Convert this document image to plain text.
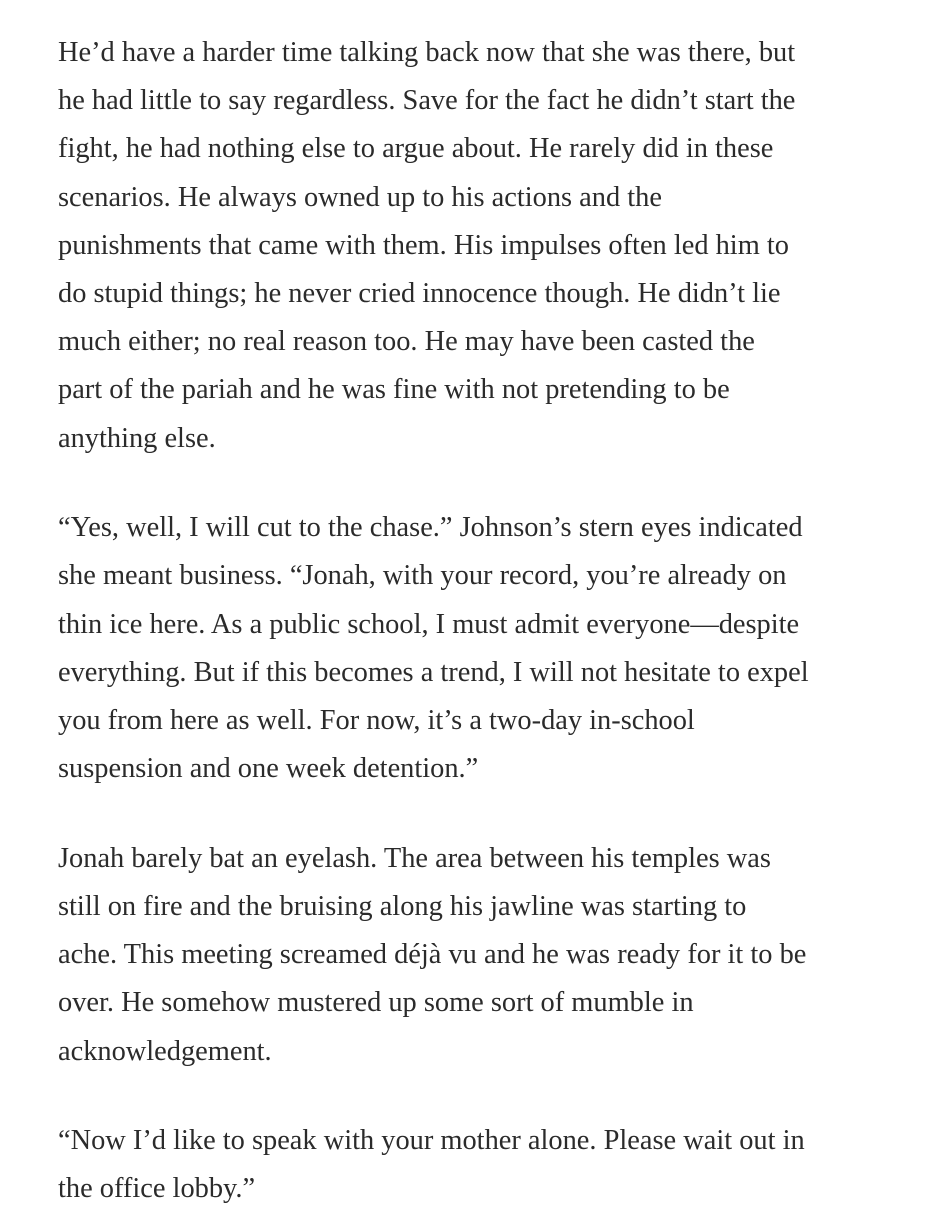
He’d have a harder time talking back now that she was there, but
he had little to say regardless. Save for the fact he didn’t start the
fight, he had nothing else to argue about. He rarely did in these
scenarios. He always owned up to his actions and the
punishments that came with them. His impulses often led him to
do stupid things; he never cried innocence though. He didn’t lie
much either; no real reason too. He may have been casted the
part of the pariah and he was fine with not pretending to be
anything else.

“Yes, well, I will cut to the chase.” Johnson’s stern eyes indicated
she meant business. “Jonah, with your record, you’re already on
thin ice here. As a public school, I must admit everyone—despite
everything. But if this becomes a trend, I will not hesitate to expel
you from here as well. For now, it’s a two-day in-school
suspension and one week detention.”

Jonah barely bat an eyelash. The area between his temples was
still on fire and the bruising along his jawline was starting to
ache. This meeting screamed déjà vu and he was ready for it to be
over. He somehow mustered up some sort of mumble in
acknowledgement.

“Now I’d like to speak with your mother alone. Please wait out in
the office lobby.”
